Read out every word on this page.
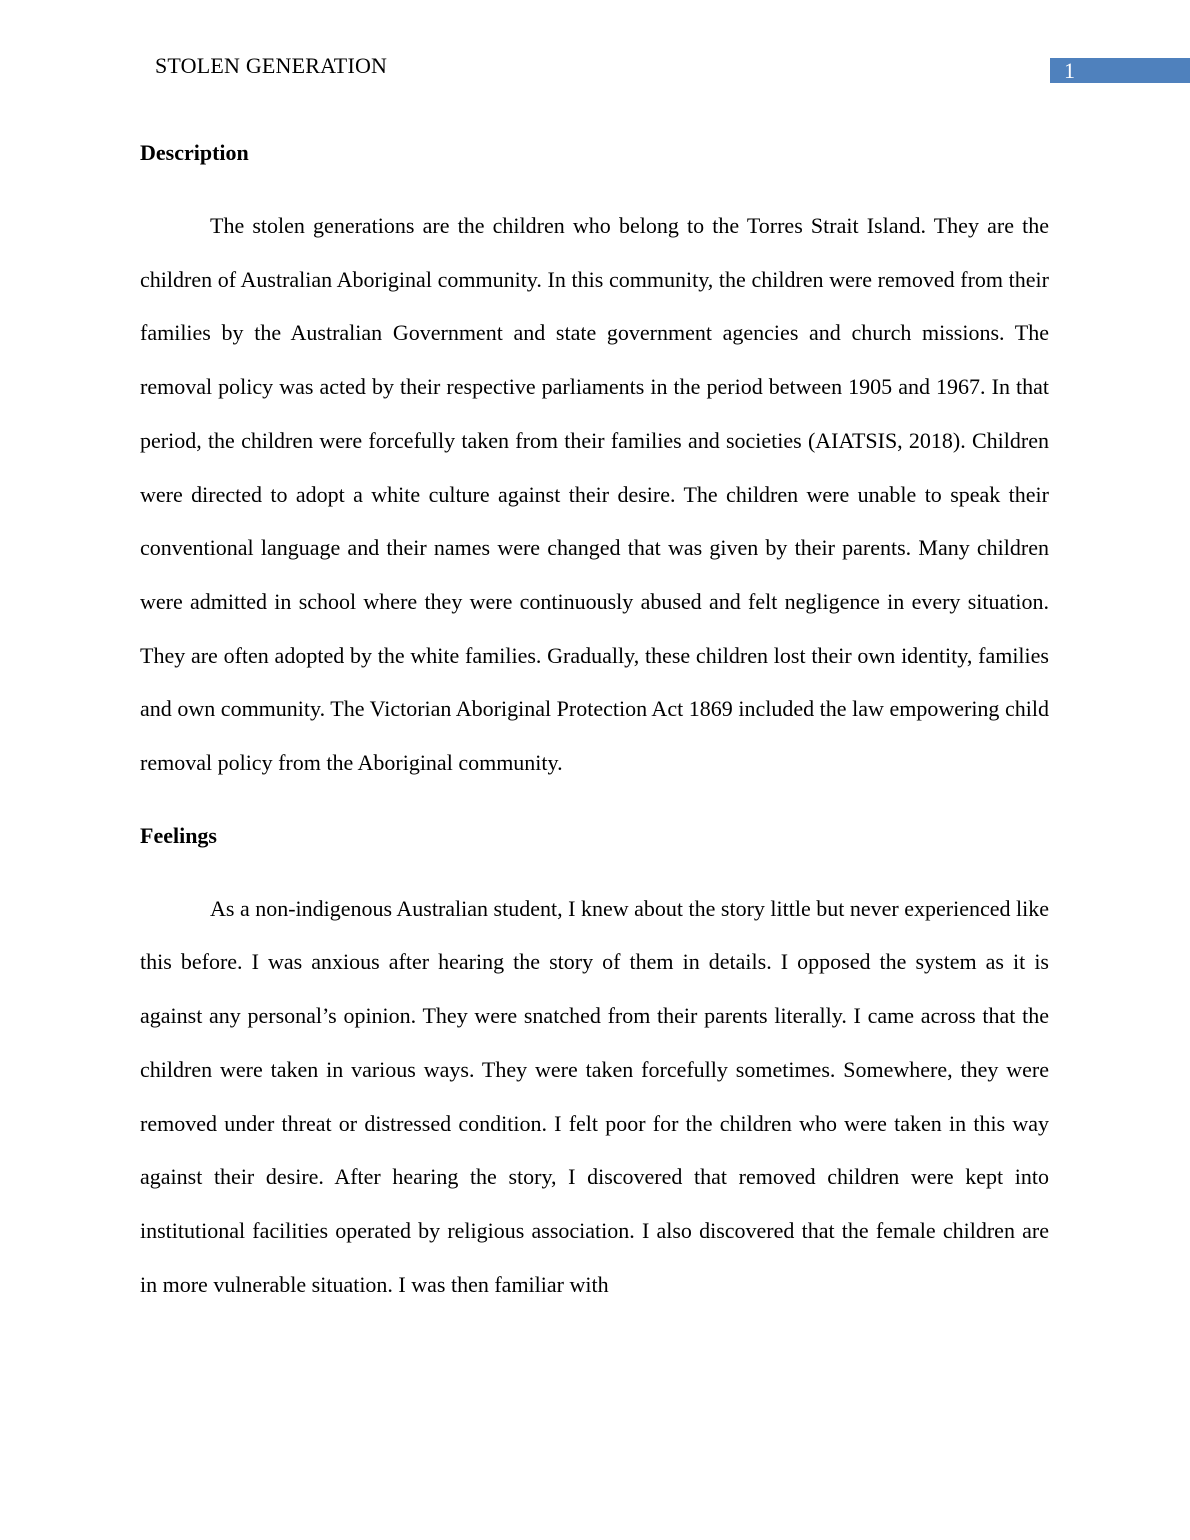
STOLEN GENERATION	1
Description

The stolen generations are the children who belong to the Torres Strait Island. They are the children of Australian Aboriginal community. In this community, the children were removed from their families by the Australian Government and state government agencies and church missions. The removal policy was acted by their respective parliaments in the period between 1905 and 1967. In that period, the children were forcefully taken from their families and societies (AIATSIS, 2018). Children were directed to adopt a white culture against their desire. The children were unable to speak their conventional language and their names were changed that was given by their parents. Many children were admitted in school where they were continuously abused and felt negligence in every situation. They are often adopted by the white families. Gradually, these children lost their own identity, families and own community. The Victorian Aboriginal Protection Act 1869 included the law empowering child removal policy from the Aboriginal community.

Feelings

As a non-indigenous Australian student, I knew about the story little but never experienced like this before. I was anxious after hearing the story of them in details. I opposed the system as it is against any personal’s opinion. They were snatched from their parents literally. I came across that the children were taken in various ways. They were taken forcefully sometimes. Somewhere, they were removed under threat or distressed condition. I felt poor for the children who were taken in this way against their desire. After hearing the story, I discovered that removed children were kept into institutional facilities operated by religious association. I also discovered that the female children are in more vulnerable situation. I was then familiar with
